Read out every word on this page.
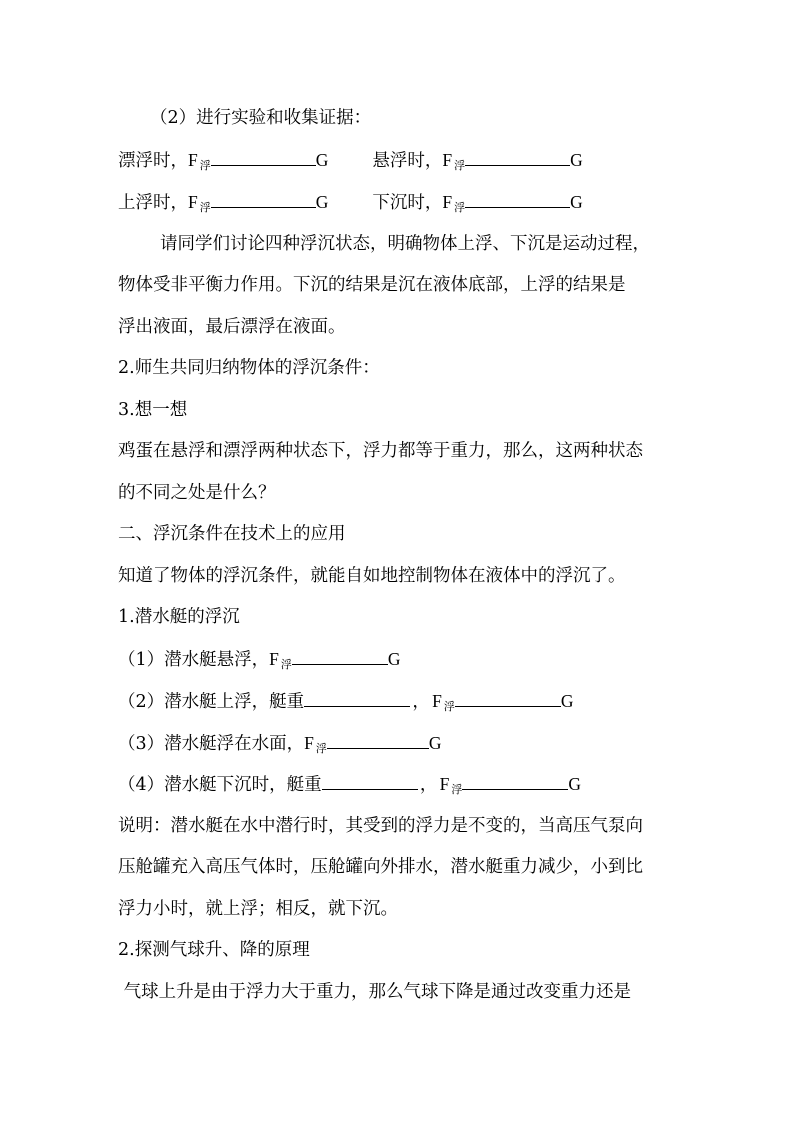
（2）进行实验和收集证据：
漂浮时，F 浮	G	悬浮时，F 浮	G
上浮时，F 浮	G	下沉时，F 浮	G
请同学们讨论四种浮沉状态，明确物体上浮、下沉是运动过程，
物体受非平衡力作用。下沉的结果是沉在液体底部，上浮的结果是
浮出液面，最后漂浮在液面。
2.师生共同归纳物体的浮沉条件：
3.想一想
鸡蛋在悬浮和漂浮两种状态下，浮力都等于重力，那么，这两种状态
的不同之处是什么？
二、浮沉条件在技术上的应用
知道了物体的浮沉条件，就能自如地控制物体在液体中的浮沉了。
1.潜水艇的浮沉
（1）潜水艇悬浮，F 浮	G
（2）潜水艇上浮，艇重	， F 浮	G
（3）潜水艇浮在水面，F 浮	G
（4）潜水艇下沉时，艇重	， F 浮	G
说明：潜水艇在水中潜行时，其受到的浮力是不变的，当高压气泵向
压舱罐充入高压气体时，压舱罐向外排水，潜水艇重力减少，小到比
浮力小时，就上浮；相反，就下沉。
2.探测气球升、降的原理
气球上升是由于浮力大于重力，那么气球下降是通过改变重力还是
